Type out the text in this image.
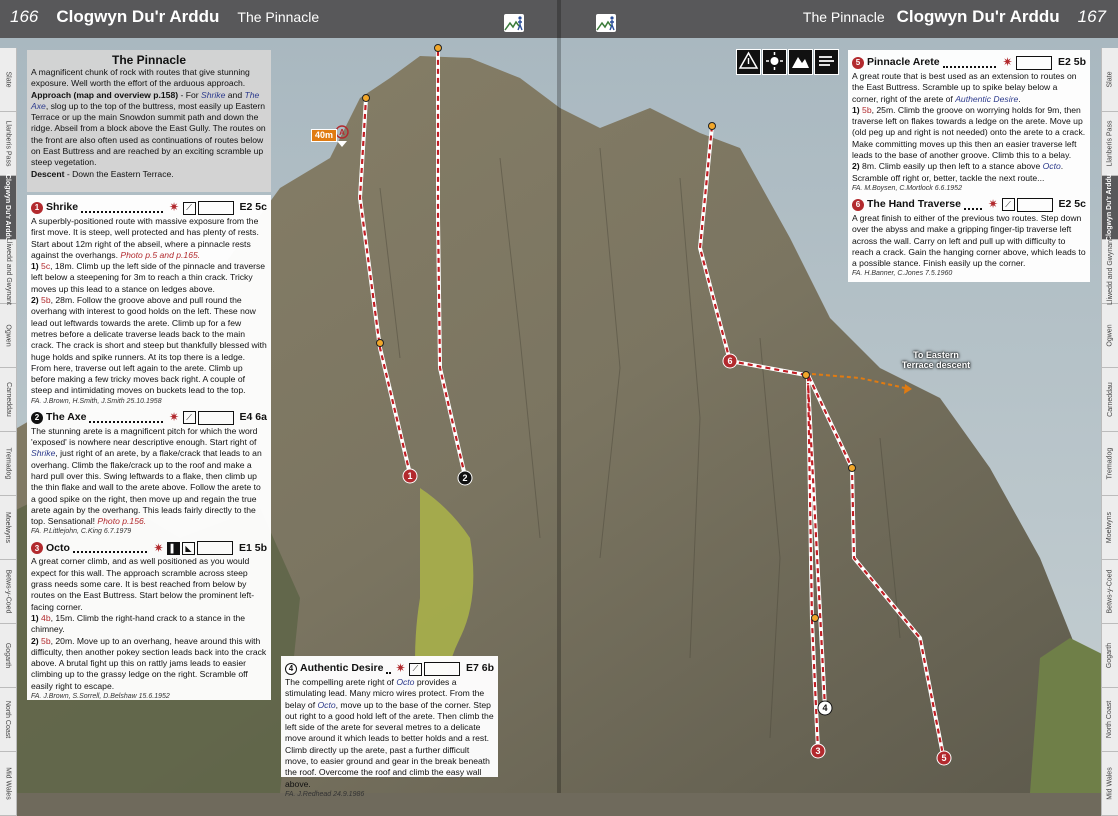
166 Clogwyn Du'r Arddu The Pinnacle	The Pinnacle Clogwyn Du'r Arddu 167
1	2
6
4
3
5
A
40m
To Eastern Terrace descent
Slate
Llanberis Pass
Clogwyn Du'r Arddu
Lliwedd and Gwynant
Ogwen
Carneddau
Tremadog
Moelwyns
Betws-y-Coed
Gogarth
North Coast
Mid Wales
Slate
Llanberis Pass
Clogwyn Du'r Arddu
Lliwedd and Gwynant
Ogwen
Carneddau
Tremadog
Moelwyns
Betws-y-Coed
Gogarth
North Coast
Mid Wales
The Pinnacle

A magnificent chunk of rock with routes that give stunning exposure. Well worth the effort of the arduous approach.
Approach (map and overview p.158) - For Shrike and The Axe, slog up to the top of the buttress, most easily up Eastern Terrace or up the main Snowdon summit path and down the ridge. Abseil from a block above the East Gully. The routes on the front are also often used as continuations of routes below on East Buttress and are reached by an exciting scramble up steep vegetation.
Descent - Down the Eastern Terrace.

1 Shrike	✷ ⟋	E2 5c

A superbly-positioned route with massive exposure from the first move. It is steep, well protected and has plenty of rests. Start about 12m right of the abseil, where a pinnacle rests against the overhangs. Photo p.5 and p.165.

1) 5c, 18m. Climb up the left side of the pinnacle and traverse left below a steepening for 3m to reach a thin crack. Tricky moves up this lead to a stance on ledges above.

2) 5b, 28m. Follow the groove above and pull round the overhang with interest to good holds on the left. These now lead out leftwards towards the arete. Climb up for a few metres before a delicate traverse leads back to the main crack. The crack is short and steep but thankfully blessed with huge holds and spike runners. At its top there is a ledge. From here, traverse out left again to the arete. Climb up before making a few tricky moves back right. A couple of steep and intimidating moves on buckets lead to the top.

FA. J.Brown, H.Smith, J.Smith 25.10.1958

2 The Axe	✷ ⟋	E4 6a

The stunning arete is a magnificent pitch for which the word 'exposed' is nowhere near descriptive enough. Start right of Shrike, just right of an arete, by a flake/crack that leads to an overhang. Climb the flake/crack up to the roof and make a hard pull over this. Swing leftwards to a flake, then climb up the thin flake and wall to the arete above. Follow the arete to a good spike on the right, then move up and regain the true arete again by the overhang. This leads fairly directly to the top. Sensational! Photo p.156.

FA. P.Littlejohn, C.King 6.7.1979

3 Octo	✷ ▌	◣	E1 5b

A great corner climb, and as well positioned as you would expect for this wall. The approach scramble across steep grass needs some care. It is best reached from below by routes on the East Buttress. Start below the prominent left-facing corner.

1) 4b, 15m. Climb the right-hand crack to a stance in the chimney.

2) 5b, 20m. Move up to an overhang, heave around this with difficulty, then another pokey section leads back into the crack above. A brutal fight up this on rattly jams leads to easier climbing up to the grassy ledge on the right. Scramble off easily right to escape.

FA. J.Brown, S.Sorrell, D.Belshaw 15.6.1952

4 Authentic Desire ✷ ⟋	E7 6b

The compelling arete right of Octo provides a stimulating lead. Many micro wires protect. From the belay of Octo, move up to the base of the corner. Step out right to a good hold left of the arete. Then climb the left side of the arete for several metres to a delicate move around it which leads to better holds and a rest. Climb directly up the arete, past a further difficult move, to easier ground and gear in the break beneath the roof. Overcome the roof and climb the easy wall above.

FA. J.Redhead 24.9.1986

5 Pinnacle Arete	✷	E2 5b

A great route that is best used as an extension to routes on the East Buttress. Scramble up to spike belay below a corner, right of the arete of Authentic Desire.

1) 5b, 25m. Climb the groove on worrying holds for 9m, then traverse left on flakes towards a ledge on the arete. Move up (old peg up and right is not needed) onto the arete to a crack. Make committing moves up this then an easier traverse left leads to the base of another groove. Climb this to a belay.

2) 8m. Climb easily up then left to a stance above Octo. Scramble off right or, better, tackle the next route...

FA. M.Boysen, C.Mortlock 6.6.1952

6 The Hand Traverse ✷ ⟋	E2 5c

A great finish to either of the previous two routes. Step down over the abyss and make a gripping finger-tip traverse left across the wall. Carry on left and pull up with difficulty to reach a crack. Gain the hanging corner above, which leads to a possible stance. Finish easily up the corner.

FA. H.Banner, C.Jones 7.5.1960
